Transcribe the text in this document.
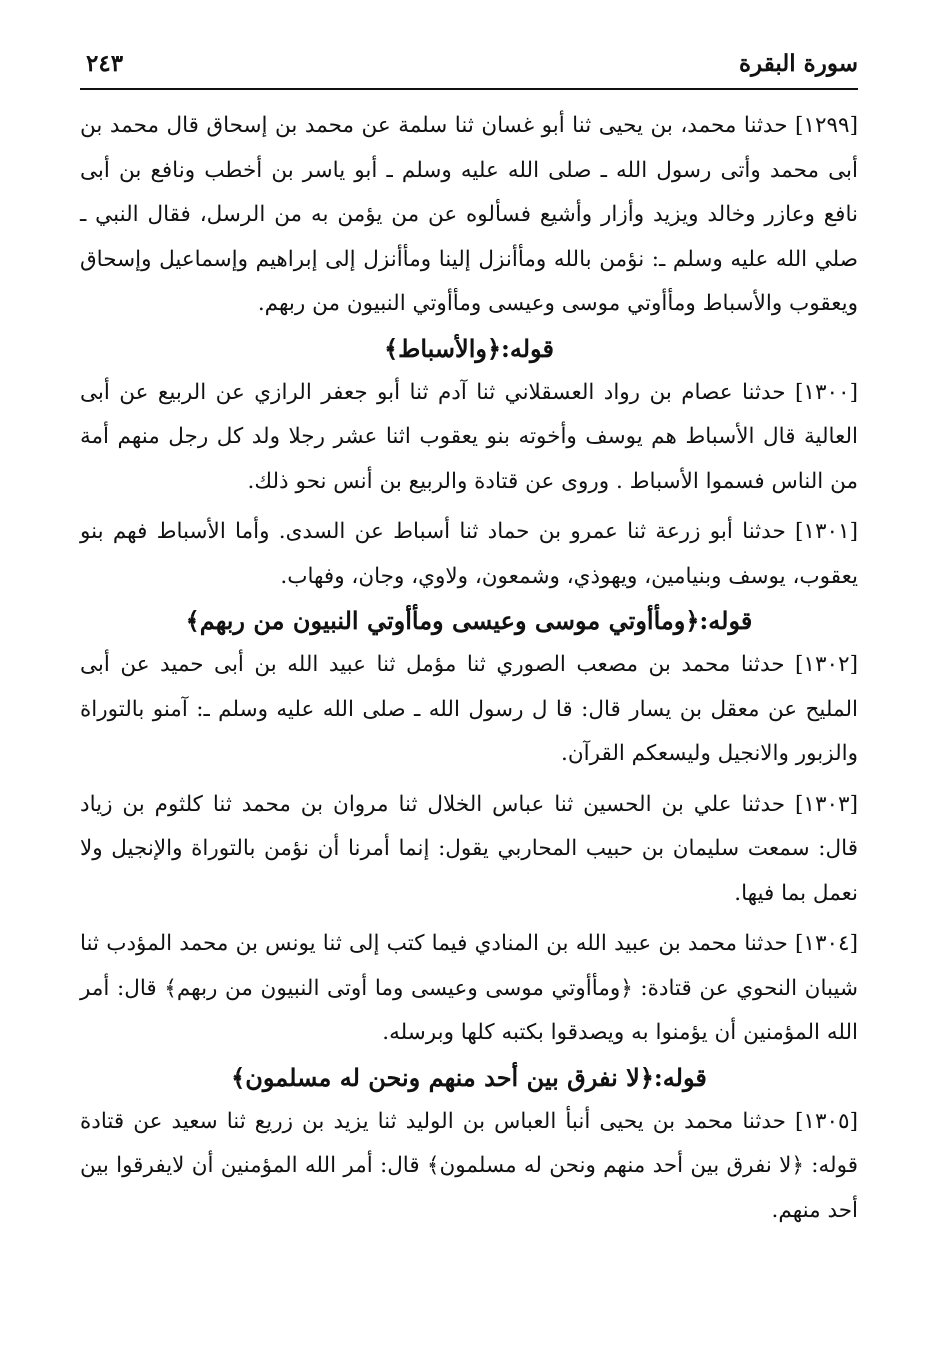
سورة البقرة
٢٤٣

[١٢٩٩] حدثنا محمد، بن يحيى ثنا أبو غسان ثنا سلمة عن محمد بن إسحاق قال محمد بن أبى محمد وأتى رسول الله ـ صلى الله عليه وسلم ـ أبو ياسر بن أخطب ونافع بن أبى نافع وعازر وخالد ويزيد وأزار وأشيع فسألوه عن من يؤمن به من الرسل، فقال النبي ـ صلي الله عليه وسلم ـ: نؤمن بالله ومأأنزل إلينا ومأأنزل إلى إبراهيم وإسماعيل وإسحاق ويعقوب والأسباط ومأأوتي موسى وعيسى ومأأوتي النبيون من ربهم.

قوله:﴿والأسباط﴾

[١٣٠٠] حدثنا عصام بن رواد العسقلاني ثنا آدم ثنا أبو جعفر الرازي عن الربيع عن أبى العالية قال الأسباط هم يوسف وأخوته بنو يعقوب اثنا عشر رجلا ولد كل رجل منهم أمة من الناس فسموا الأسباط . وروى عن قتادة والربيع بن أنس نحو ذلك.

[١٣٠١] حدثنا أبو زرعة ثنا عمرو بن حماد ثنا أسباط عن السدى. وأما الأسباط فهم بنو يعقوب، يوسف وبنيامين، ويهوذي، وشمعون، ولاوي، وجان، وفهاب.

قوله:﴿ومأأوتي موسى وعيسى ومأأوتي النبيون من ربهم﴾

[١٣٠٢] حدثنا محمد بن مصعب الصوري ثنا مؤمل ثنا عبيد الله بن أبى حميد عن أبى المليح عن معقل بن يسار قال: قا ل رسول الله ـ صلى الله عليه وسلم ـ: آمنو بالتوراة والزبور والانجيل وليسعكم القرآن.

[١٣٠٣] حدثنا علي بن الحسين ثنا عباس الخلال ثنا مروان بن محمد ثنا كلثوم بن زياد قال: سمعت سليمان بن حبيب المحاربي يقول: إنما أمرنا أن نؤمن بالتوراة والإنجيل ولا نعمل بما فيها.

[١٣٠٤] حدثنا محمد بن عبيد الله بن المنادي فيما كتب إلى ثنا يونس بن محمد المؤدب ثنا شيبان النحوي عن قتادة: ﴿ومأأوتي موسى وعيسى وما أوتى النبيون من ربهم﴾ قال: أمر الله المؤمنين أن يؤمنوا به ويصدقوا بكتبه كلها وبرسله.

قوله:﴿لا نفرق بين أحد منهم ونحن له مسلمون﴾

[١٣٠٥] حدثنا محمد بن يحيى أنبأ العباس بن الوليد ثنا يزيد بن زريع ثنا سعيد عن قتادة قوله: ﴿لا نفرق بين أحد منهم ونحن له مسلمون﴾ قال: أمر الله المؤمنين أن لايفرقوا بين أحد منهم.
